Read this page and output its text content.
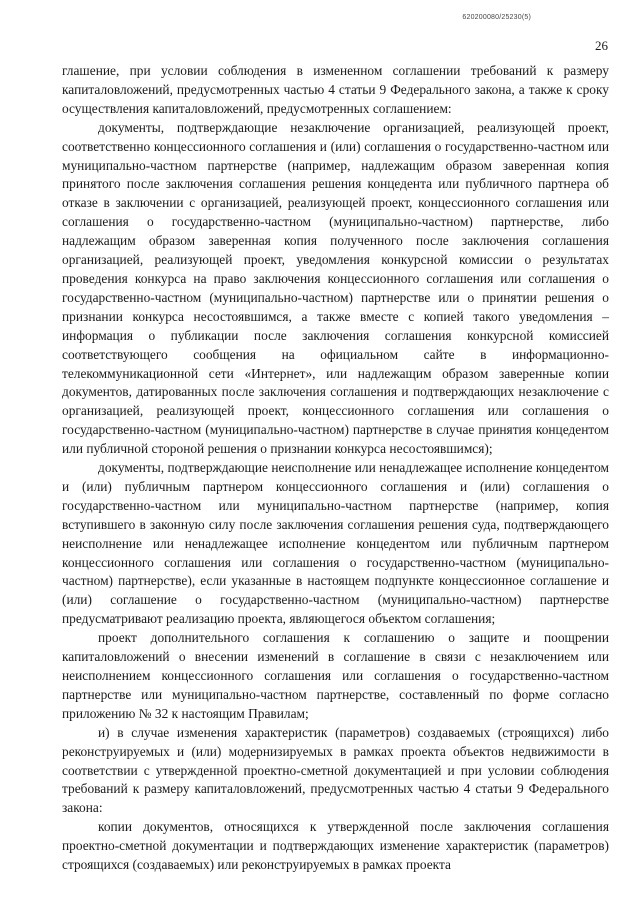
620200080/25230(5)
26

глашение, при условии соблюдения в измененном соглашении требований к размеру капиталовложений, предусмотренных частью 4 статьи 9 Федерального закона, а также к сроку осуществления капиталовложений, предусмотренных соглашением:

документы, подтверждающие незаключение организацией, реализующей проект, соответственно концессионного соглашения и (или) соглашения о государственно-частном или муниципально-частном партнерстве (например, надлежащим образом заверенная копия принятого после заключения соглашения решения концедента или публичного партнера об отказе в заключении с организацией, реализующей проект, концессионного соглашения или соглашения о государственно-частном (муниципально-частном) партнерстве, либо надлежащим образом заверенная копия полученного после заключения соглашения организацией, реализующей проект, уведомления конкурсной комиссии о результатах проведения конкурса на право заключения концессионного соглашения или соглашения о государственно-частном (муниципально-частном) партнерстве или о принятии решения о признании конкурса несостоявшимся, а также вместе с копией такого уведомления – информация о публикации после заключения соглашения конкурсной комиссией соответствующего сообщения на официальном сайте в информационно-телекоммуникационной сети «Интернет», или надлежащим образом заверенные копии документов, датированных после заключения соглашения и подтверждающих незаключение с организацией, реализующей проект, концессионного соглашения или соглашения о государственно-частном (муниципально-частном) партнерстве в случае принятия концедентом или публичной стороной решения о признании конкурса несостоявшимся);

документы, подтверждающие неисполнение или ненадлежащее исполнение концедентом и (или) публичным партнером концессионного соглашения и (или) соглашения о государственно-частном или муниципально-частном партнерстве (например, копия вступившего в законную силу после заключения соглашения решения суда, подтверждающего неисполнение или ненадлежащее исполнение концедентом или публичным партнером концессионного соглашения или соглашения о государственно-частном (муниципально-частном) партнерстве), если указанные в настоящем подпункте концессионное соглашение и (или) соглашение о государственно-частном (муниципально-частном) партнерстве предусматривают реализацию проекта, являющегося объектом соглашения;

проект дополнительного соглашения к соглашению о защите и поощрении капиталовложений о внесении изменений в соглашение в связи с незаключением или неисполнением концессионного соглашения или соглашения о государственно-частном партнерстве или муниципально-частном партнерстве, составленный по форме согласно приложению № 32 к настоящим Правилам;

и) в случае изменения характеристик (параметров) создаваемых (строящихся) либо реконструируемых и (или) модернизируемых в рамках проекта объектов недвижимости в соответствии с утвержденной проектно-сметной документацией и при условии соблюдения требований к размеру капиталовложений, предусмотренных частью 4 статьи 9 Федерального закона:

копии документов, относящихся к утвержденной после заключения соглашения проектно-сметной документации и подтверждающих изменение характеристик (параметров) строящихся (создаваемых) или реконструируемых в рамках проекта
